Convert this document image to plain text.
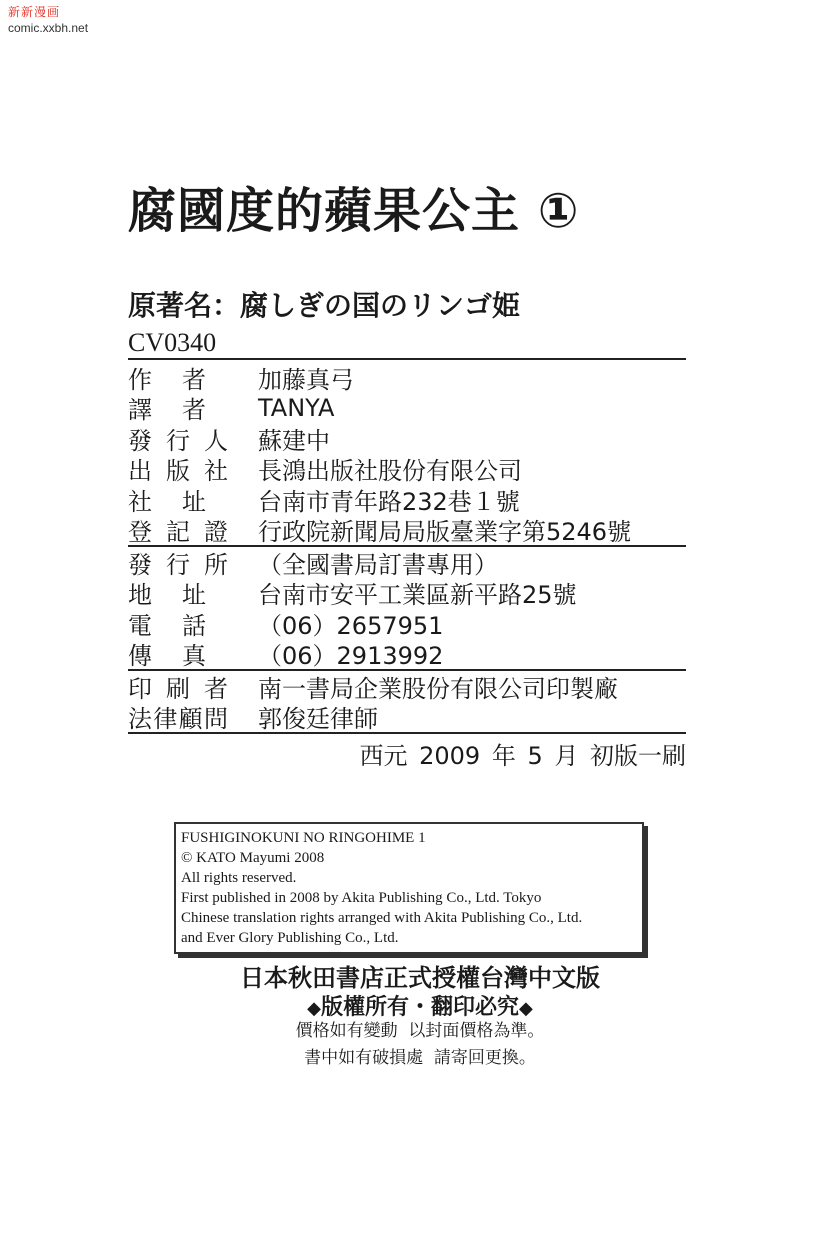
新新漫画
comic.xxbh.net
腐國度的蘋果公主 ①
原著名：腐しぎの国のリンゴ姫
CV0340
作 者 加藤真弓
譯 者 TANYA
發 行 人 蘇建中
出 版 社 長鴻出版社股份有限公司
社 址 台南市青年路232巷１號
登 記 證 行政院新聞局局版臺業字第5246號
發 行 所 （全國書局訂書專用）
地 址 台南市安平工業區新平路25號
電 話 （06）2657951
傳 真 （06）2913992
印 刷 者 南一書局企業股份有限公司印製廠
法 律 顧 問 郭俊廷律師
西元 2009 年 5 月 初版一刷
FUSHIGINOKUNI NO RINGOHIME 1
© KATO Mayumi 2008
All rights reserved.
First published in 2008 by Akita Publishing Co., Ltd. Tokyo
Chinese translation rights arranged with Akita Publishing Co., Ltd.
and Ever Glory Publishing Co., Ltd.
日本秋田書店正式授權台灣中文版
◆版權所有・翻印必究◆
價格如有變動  以封面價格為準。
書中如有破損處  請寄回更換。
